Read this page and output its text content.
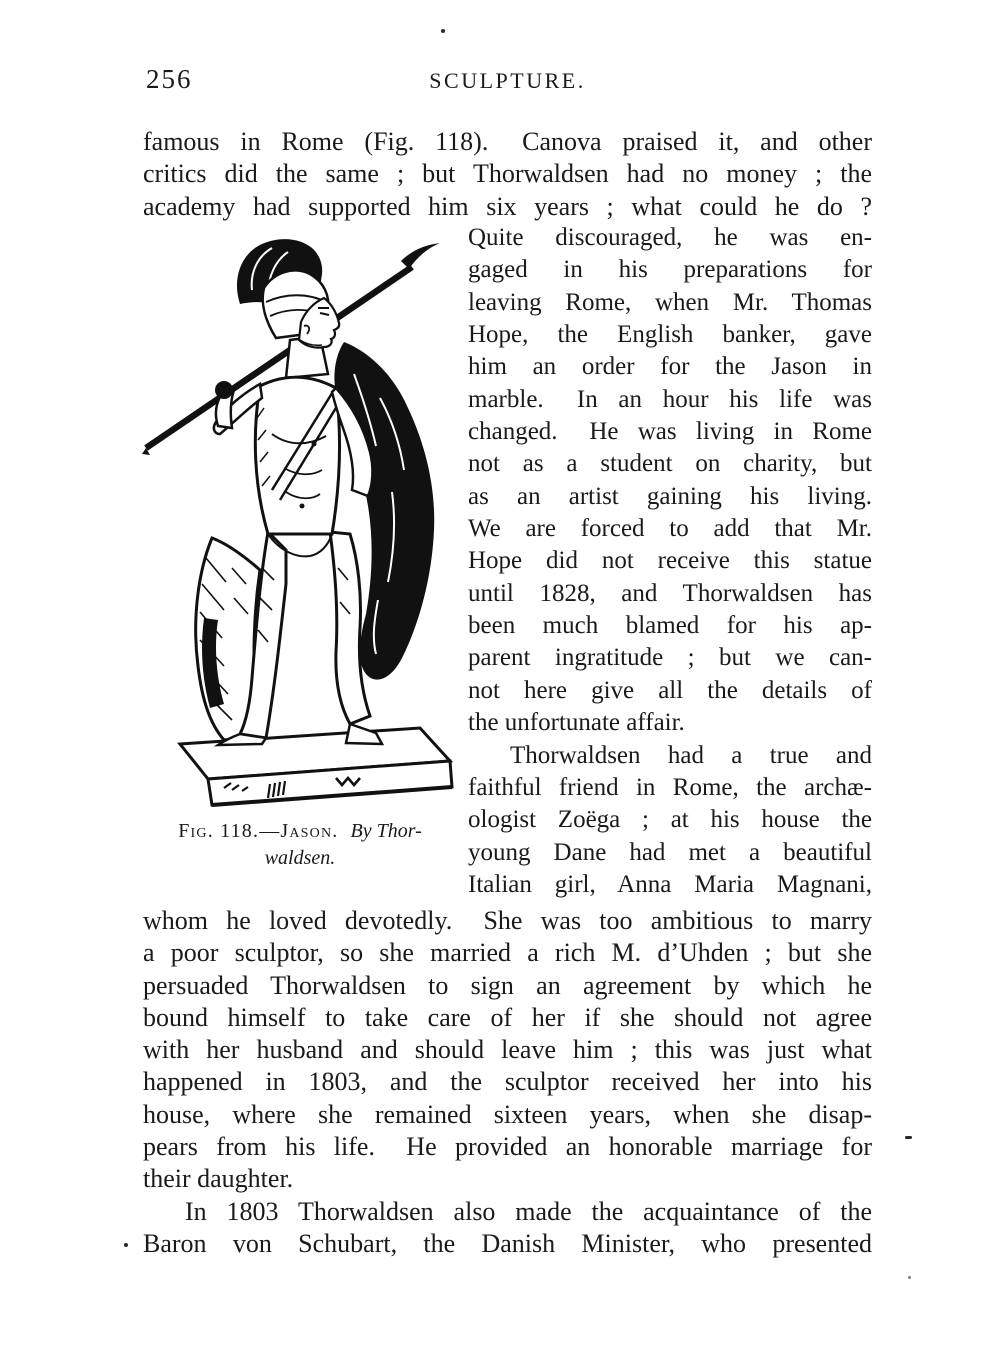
256	SCULPTURE.
famous in Rome (Fig. 118).  Canova praised it, and other
critics did the same ; but Thorwaldsen had no money ; the
academy had supported him six years ; what could he do ?
Fig. 118.—Jason. By Thor-
waldsen.
Quite discouraged, he was en-
gaged in his preparations for
leaving Rome, when Mr. Thomas
Hope, the English banker, gave
him an order for the Jason in
marble.  In an hour his life was
changed.  He was living in Rome
not as a student on charity, but
as an artist gaining his living.
We are forced to add that Mr.
Hope did not receive this statue
until 1828, and Thorwaldsen has
been much blamed for his ap-
parent ingratitude ; but we can-
not here give all the details of
the unfortunate affair.
Thorwaldsen had a true and
faithful friend in Rome, the archæ-
ologist Zoëga ; at his house the
young Dane had met a beautiful
Italian girl, Anna Maria Magnani,
whom he loved devotedly.  She was too ambitious to marry
a poor sculptor, so she married a rich M. d’Uhden ; but she
persuaded Thorwaldsen to sign an agreement by which he
bound himself to take care of her if she should not agree
with her husband and should leave him ; this was just what
happened in 1803, and the sculptor received her into his
house, where she remained sixteen years, when she disap-
pears from his life.  He provided an honorable marriage for
their daughter.
In 1803 Thorwaldsen also made the acquaintance of the
Baron von Schubart, the Danish Minister, who presented
